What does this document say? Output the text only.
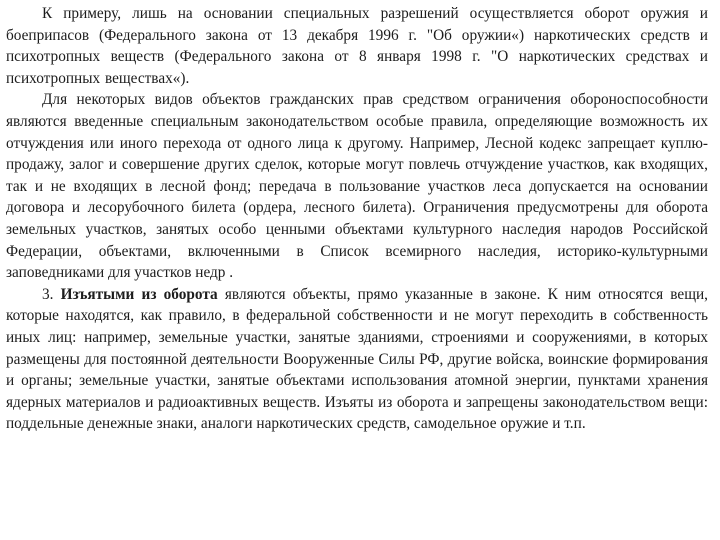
К примеру, лишь на основании специальных разрешений осуществляется оборот оружия и боеприпасов (Федерального закона от 13 декабря 1996 г. "Об оружии«) наркотических средств и психотропных веществ (Федерального закона от 8 января 1998 г. "О наркотических средствах и психотропных веществах«).

Для некоторых видов объектов гражданских прав средством ограничения обороноспособности являются введенные специальным законодательством особые правила, определяющие возможность их отчуждения или иного перехода от одного лица к другому. Например, Лесной кодекс запрещает куплю-продажу, залог и совершение других сделок, которые могут повлечь отчуждение участков, как входящих, так и не входящих в лесной фонд; передача в пользование участков леса допускается на основании договора и лесорубочного билета (ордера, лесного билета). Ограничения предусмотрены для оборота земельных участков, занятых особо ценными объектами культурного наследия народов Российской Федерации, объектами, включенными в Список всемирного наследия, историко-культурными заповедниками для участков недр .

3. Изъятыми из оборота являются объекты, прямо указанные в законе. К ним относятся вещи, которые находятся, как правило, в федеральной собственности и не могут переходить в собственность иных лиц: например, земельные участки, занятые зданиями, строениями и сооружениями, в которых размещены для постоянной деятельности Вооруженные Силы РФ, другие войска, воинские формирования и органы; земельные участки, занятые объектами использования атомной энергии, пунктами хранения ядерных материалов и радиоактивных веществ. Изъяты из оборота и запрещены законодательством вещи: поддельные денежные знаки, аналоги наркотических средств, самодельное оружие и т.п.
